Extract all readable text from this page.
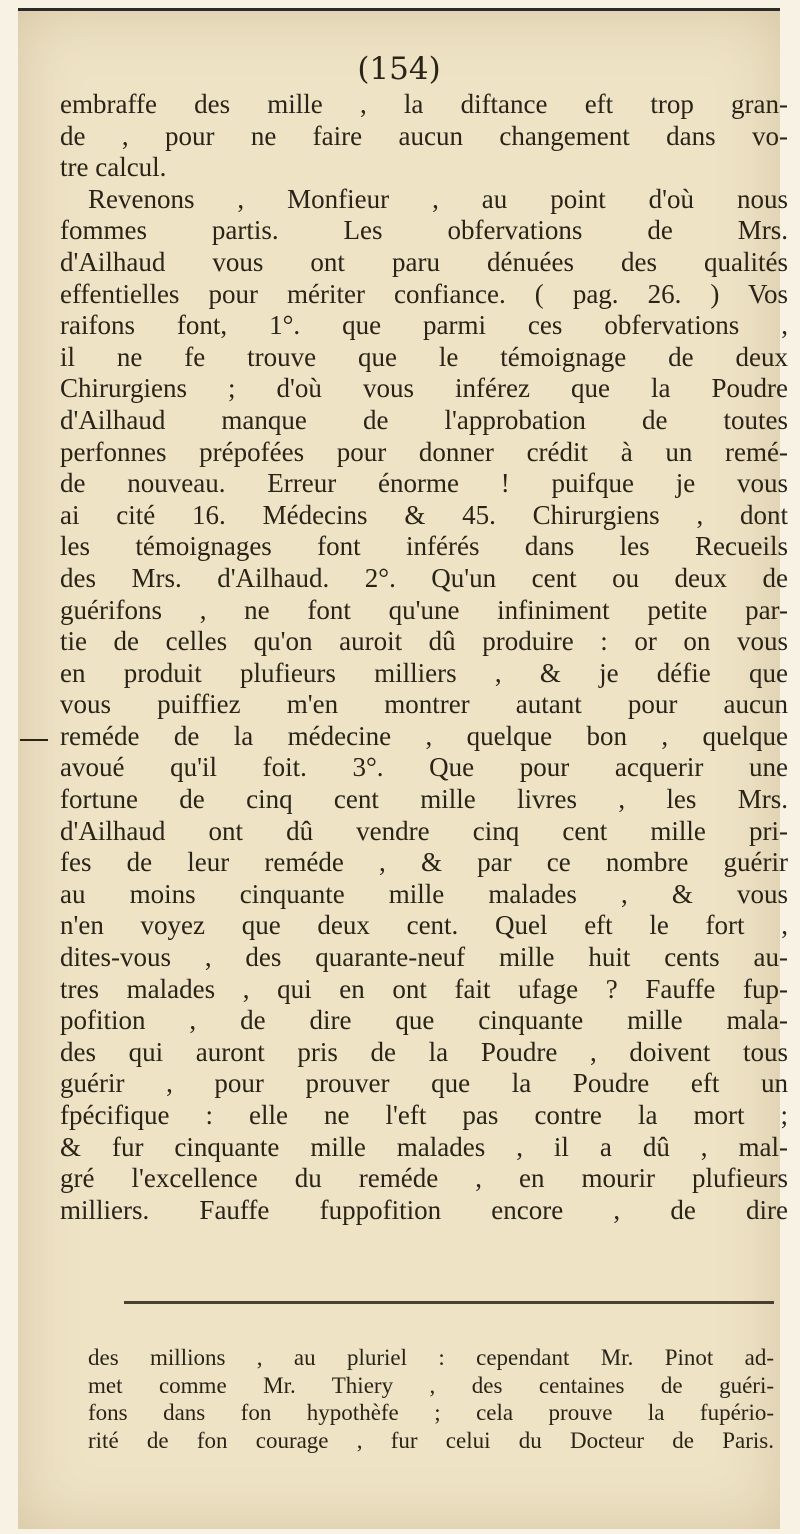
(154)
embraffe des mille , la diftance eft trop gran-
de , pour ne faire aucun changement dans vo-
tre calcul.
Revenons , Monfieur , au point d'où nous
fommes partis. Les obfervations de Mrs.
d'Ailhaud vous ont paru dénuées des qualités
effentielles pour mériter confiance. ( pag. 26. ) Vos
raifons font, 1°. que parmi ces obfervations ,
il ne fe trouve que le témoignage de deux
Chirurgiens ; d'où vous inférez que la Poudre
d'Ailhaud manque de l'approbation de toutes
perfonnes prépofées pour donner crédit à un remé-
de nouveau. Erreur énorme ! puifque je vous
ai cité 16. Médecins & 45. Chirurgiens , dont
les témoignages font inférés dans les Recueils
des Mrs. d'Ailhaud. 2°. Qu'un cent ou deux de
guérifons , ne font qu'une infiniment petite par-
tie de celles qu'on auroit dû produire : or on vous
en produit plufieurs milliers , & je défie que
vous puiffiez m'en montrer autant pour aucun
reméde de la médecine , quelque bon , quelque
avoué qu'il foit. 3°. Que pour acquerir une
fortune de cinq cent mille livres , les Mrs.
d'Ailhaud ont dû vendre cinq cent mille pri-
fes de leur reméde , & par ce nombre guérir
au moins cinquante mille malades , & vous
n'en voyez que deux cent. Quel eft le fort ,
dites-vous , des quarante-neuf mille huit cents au-
tres malades , qui en ont fait ufage ? Fauffe fup-
pofition , de dire que cinquante mille mala-
des qui auront pris de la Poudre , doivent tous
guérir , pour prouver que la Poudre eft un
fpécifique : elle ne l'eft pas contre la mort ;
& fur cinquante mille malades , il a dû , mal-
gré l'excellence du reméde , en mourir plufieurs
milliers. Fauffe fuppofition encore , de dire
des millions , au pluriel : cependant Mr. Pinot ad-
met comme Mr. Thiery , des centaines de guéri-
fons dans fon hypothèfe ; cela prouve la fupério-
rité de fon courage , fur celui du Docteur de Paris.
